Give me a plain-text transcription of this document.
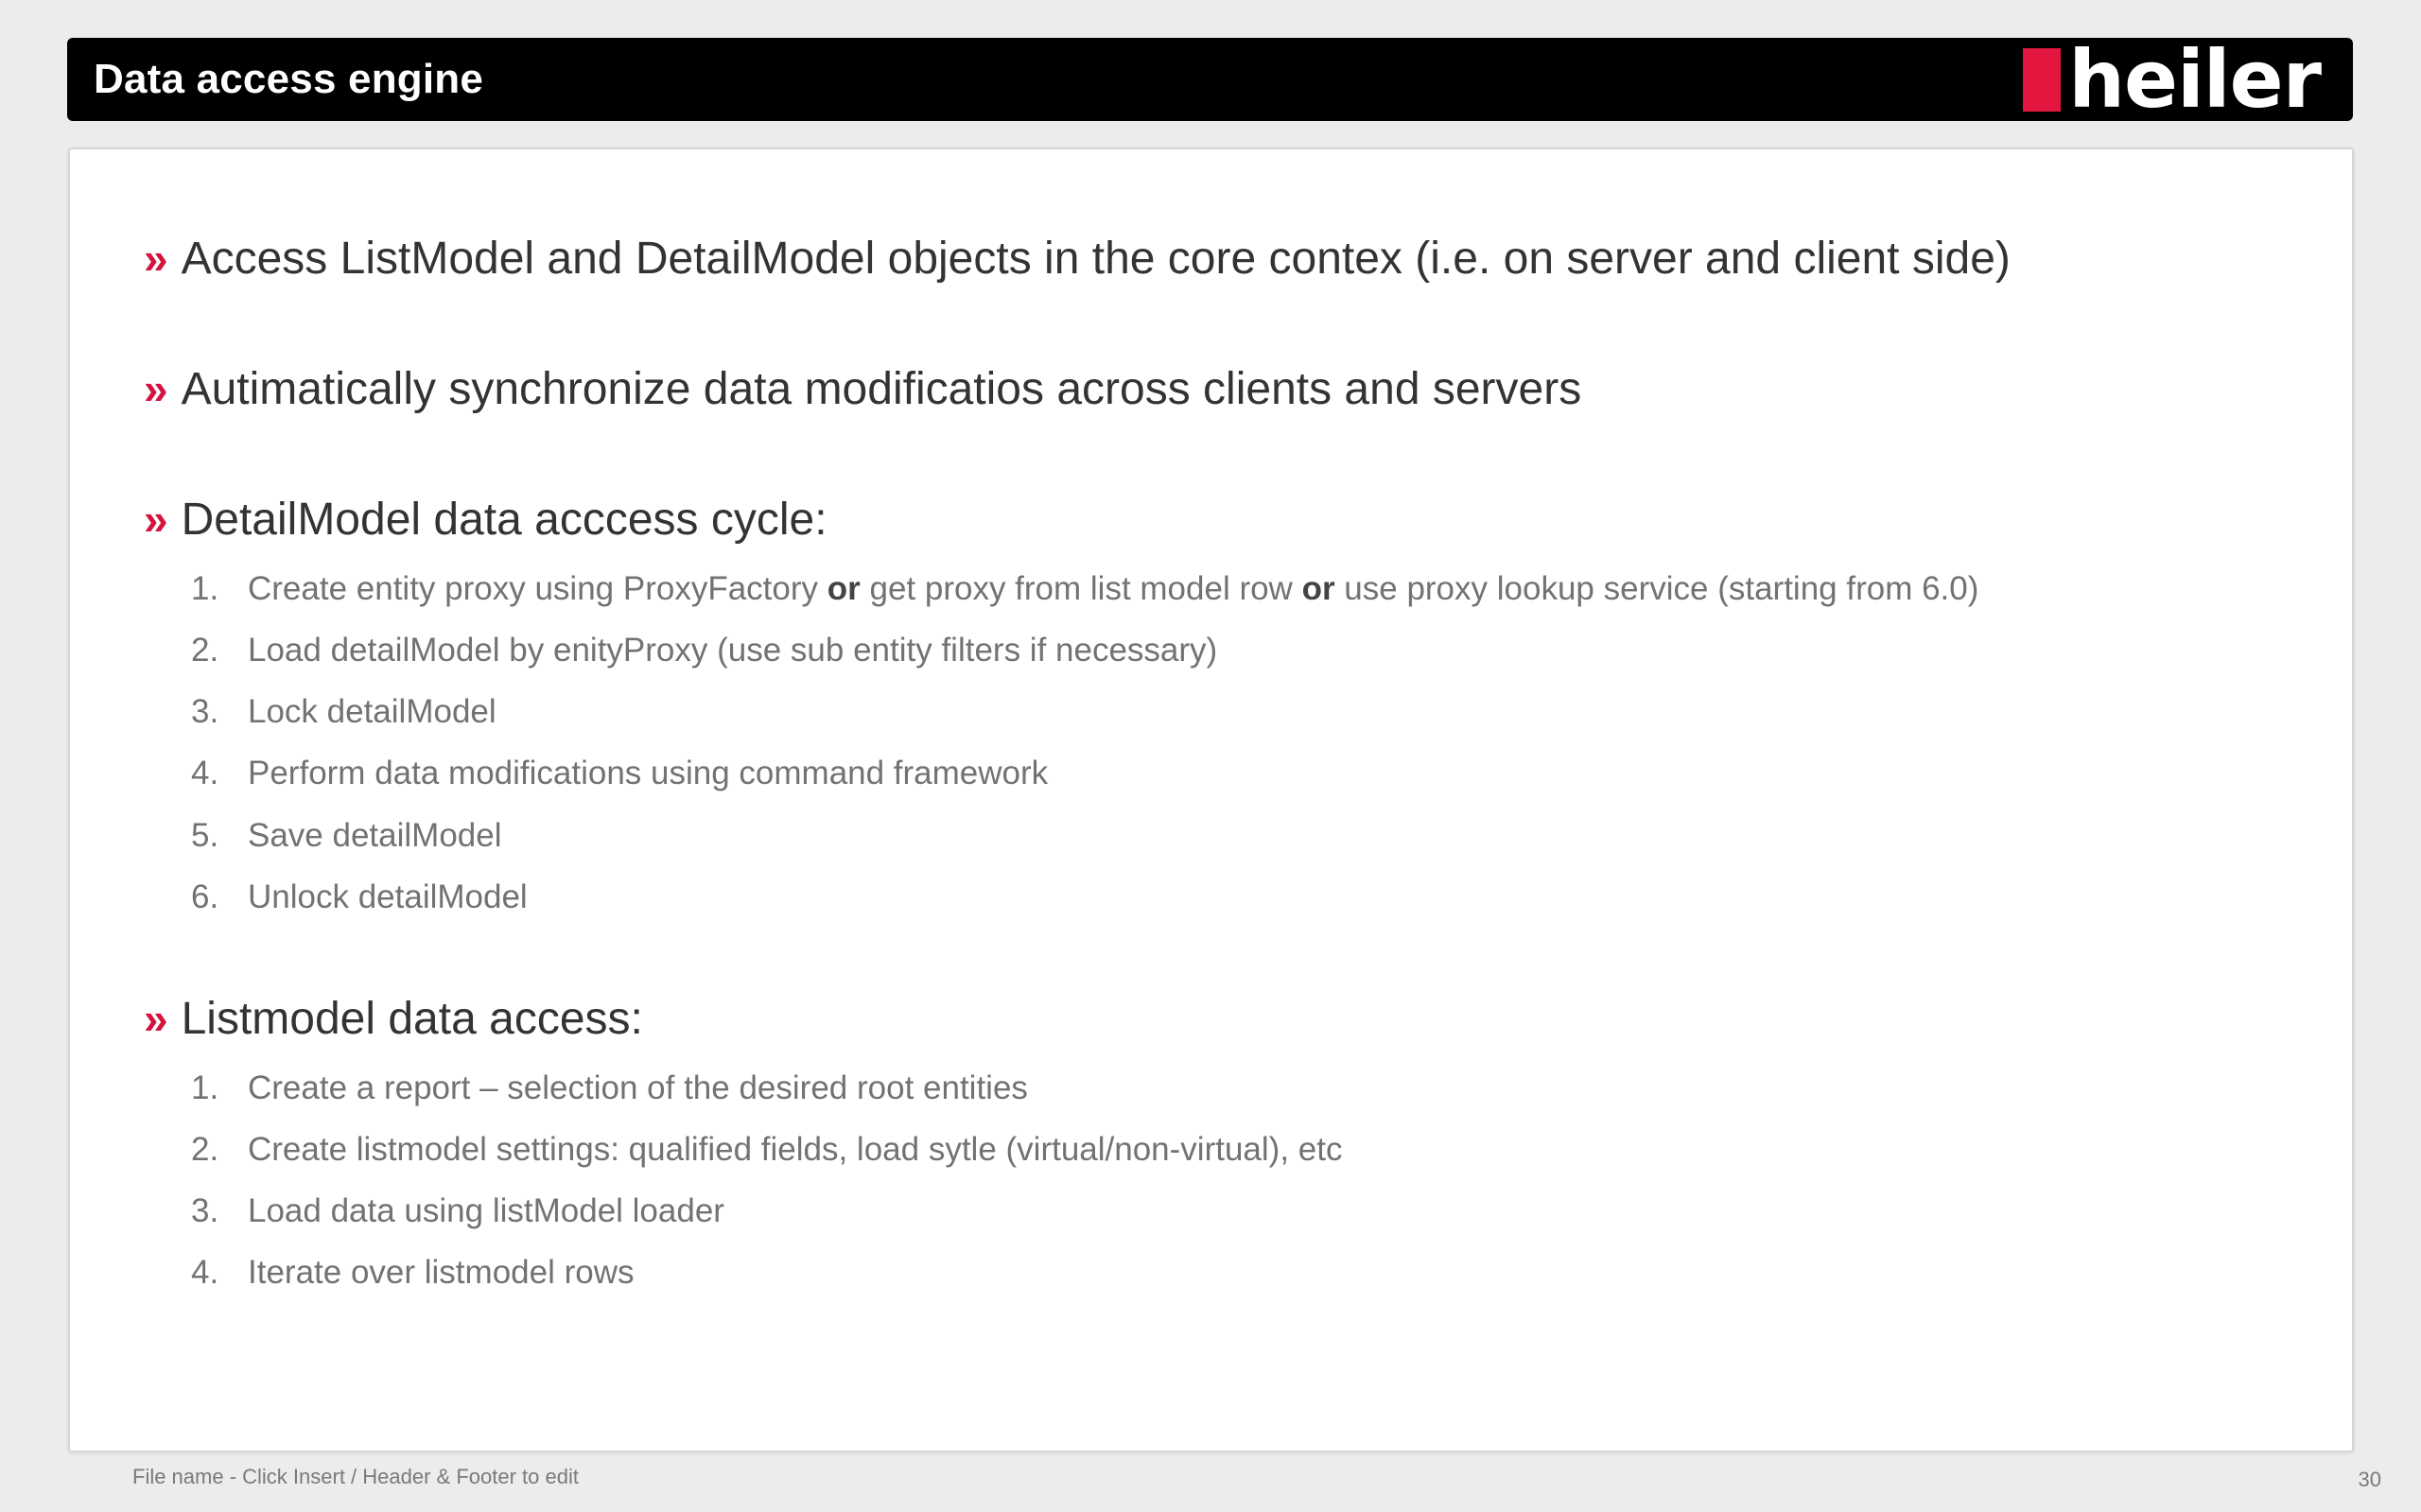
Data access engine	heiler
» Access ListModel and DetailModel objects in the core contex (i.e. on server and client side)
» Autimatically synchronize data modificatios across clients and servers
» DetailModel data acccess cycle:
1. Create entity proxy using ProxyFactory or get proxy from list model row or use proxy lookup service (starting from 6.0)
2. Load detailModel by enityProxy (use sub entity filters if necessary)
3. Lock detailModel
4. Perform data modifications using command framework
5. Save detailModel
6. Unlock detailModel
» Listmodel data access:
1. Create a report – selection of the desired root entities
2. Create listmodel settings: qualified fields, load sytle (virtual/non-virtual), etc
3. Load data using listModel loader
4. Iterate over listmodel rows
File name - Click Insert / Header & Footer to edit	30
